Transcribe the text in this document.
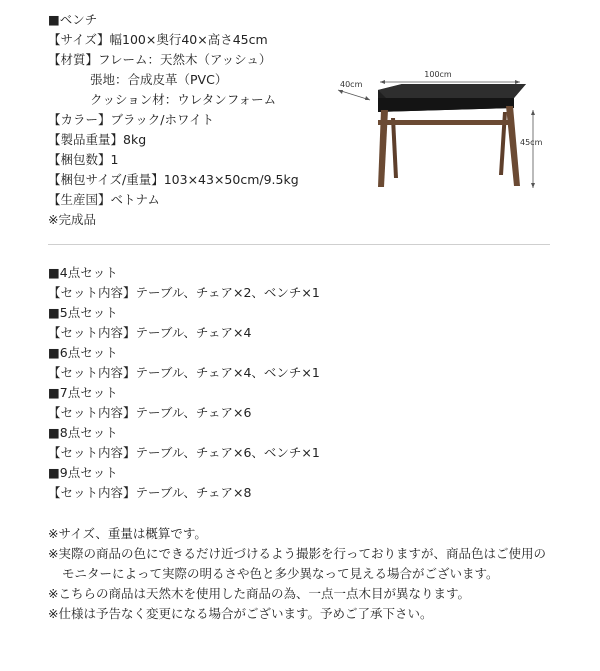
■ベンチ
【サイズ】幅100×奥行40×高さ45cm
【材質】フレーム：天然木（アッシュ）
張地：合成皮革（PVC）
クッション材：ウレタンフォーム
【カラー】ブラック/ホワイト
【製品重量】8kg
【梱包数】1
【梱包サイズ/重量】103×43×50cm/9.5kg
【生産国】ベトナム
※完成品
100cm
40cm
45cm
■4点セット
【セット内容】テーブル、チェア×2、ベンチ×1
■5点セット
【セット内容】テーブル、チェア×4
■6点セット
【セット内容】テーブル、チェア×4、ベンチ×1
■7点セット
【セット内容】テーブル、チェア×6
■8点セット
【セット内容】テーブル、チェア×6、ベンチ×1
■9点セット
【セット内容】テーブル、チェア×8
※サイズ、重量は概算です。
※実際の商品の色にできるだけ近づけるよう撮影を行っておりますが、商品色はご使用の
モニターによって実際の明るさや色と多少異なって見える場合がございます。
※こちらの商品は天然木を使用した商品の為、一点一点木目が異なります。
※仕様は予告なく変更になる場合がございます。予めご了承下さい。
